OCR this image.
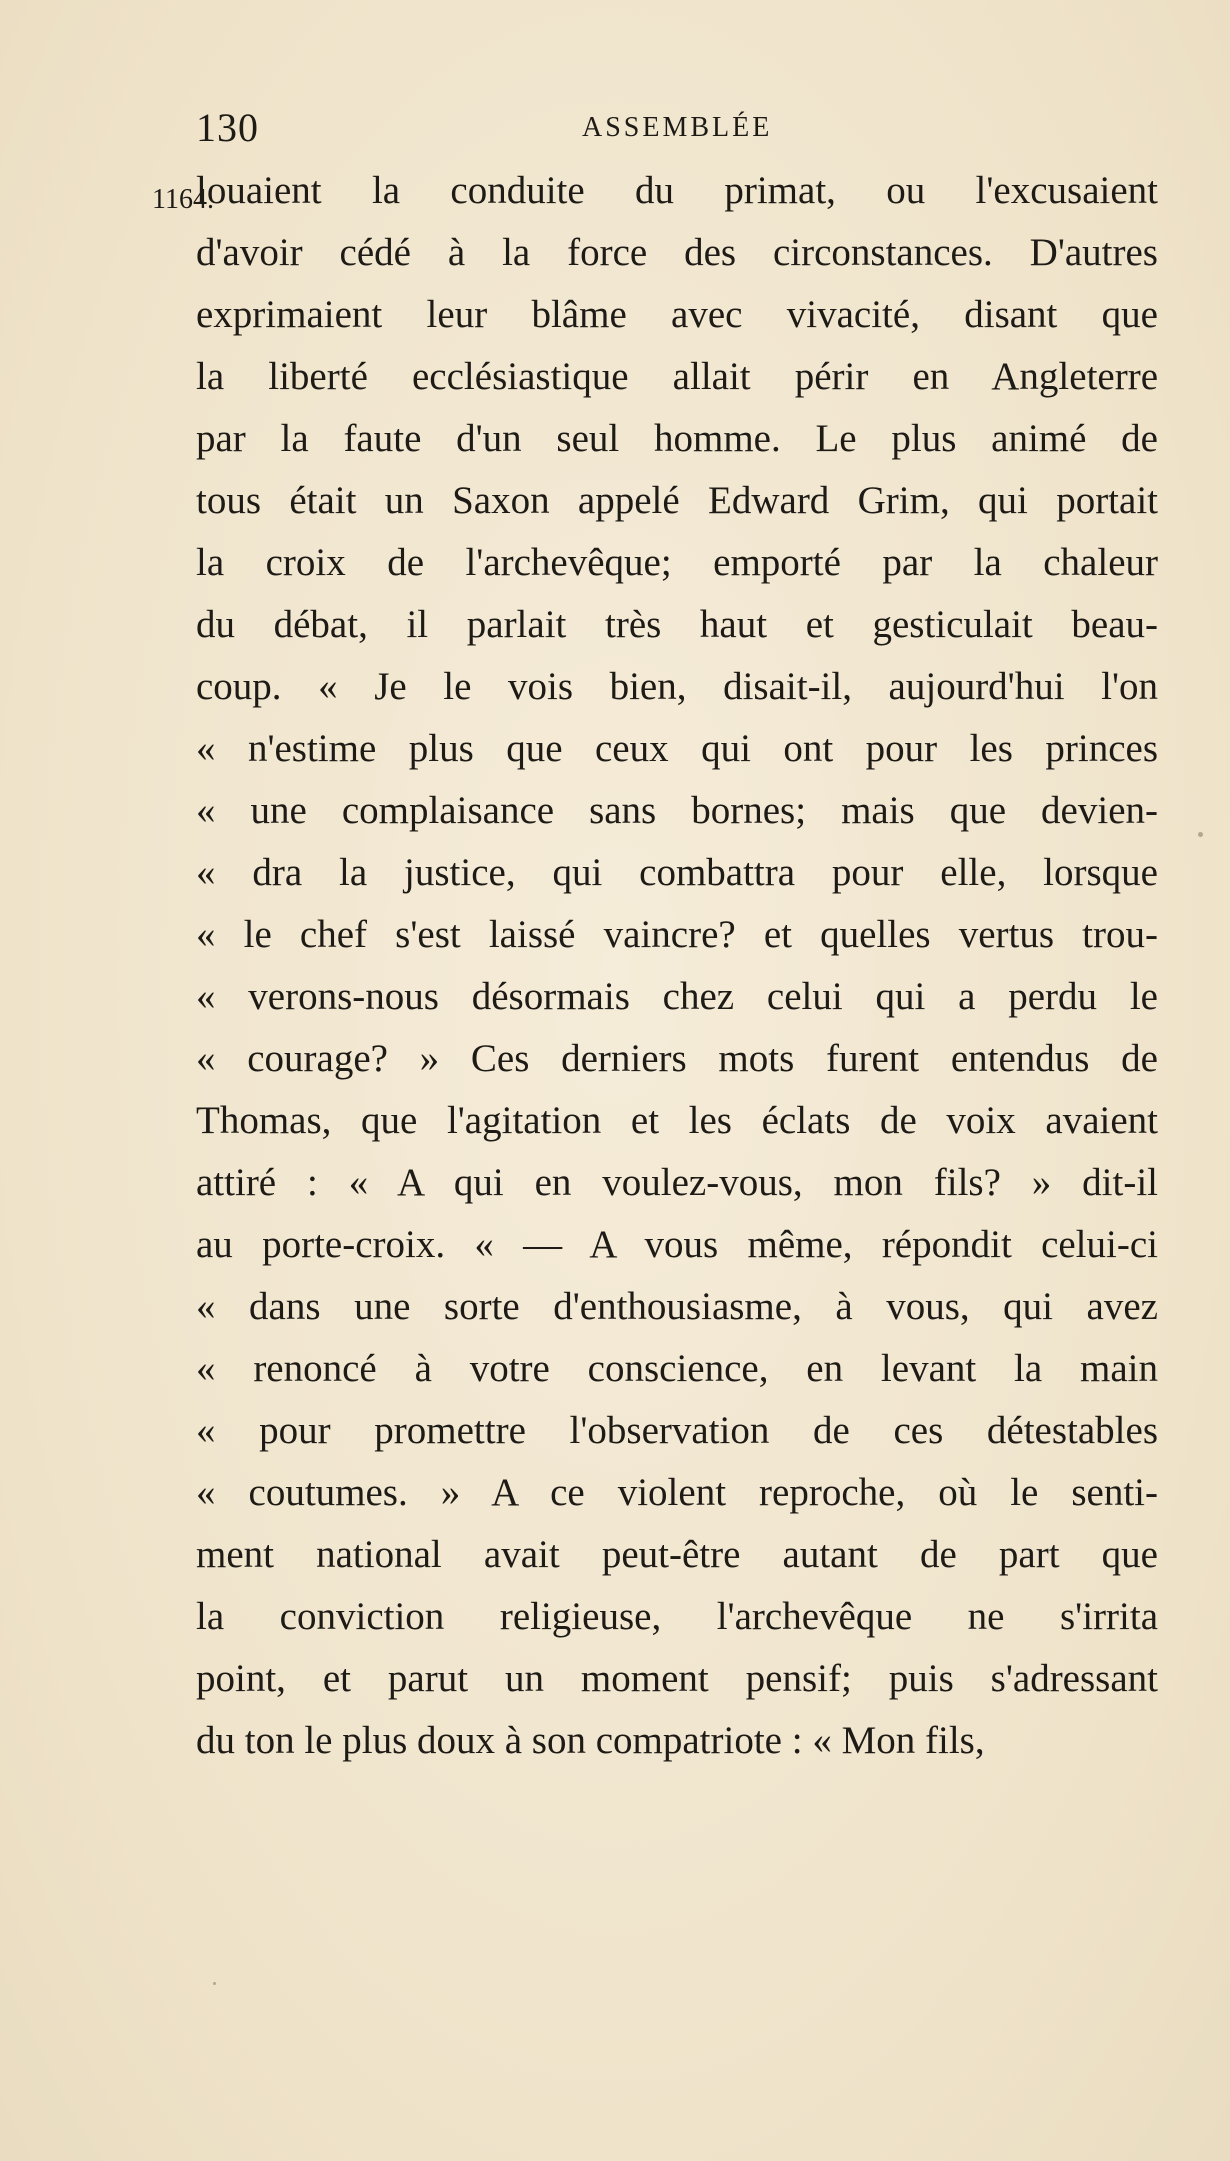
130	ASSEMBLÉE
1164.
louaient la conduite du primat, ou l'excusaient
d'avoir cédé à la force des circonstances. D'autres
exprimaient leur blâme avec vivacité, disant que
la liberté ecclésiastique allait périr en Angleterre
par la faute d'un seul homme. Le plus animé de
tous était un Saxon appelé Edward Grim, qui portait
la croix de l'archevêque; emporté par la chaleur
du débat, il parlait très haut et gesticulait beau-
coup. « Je le vois bien, disait-il, aujourd'hui l'on
« n'estime plus que ceux qui ont pour les princes
« une complaisance sans bornes; mais que devien-
« dra la justice, qui combattra pour elle, lorsque
« le chef s'est laissé vaincre? et quelles vertus trou-
« verons-nous désormais chez celui qui a perdu le
« courage? » Ces derniers mots furent entendus de
Thomas, que l'agitation et les éclats de voix avaient
attiré : « A qui en voulez-vous, mon fils? » dit-il
au porte-croix. « — A vous même, répondit celui-ci
« dans une sorte d'enthousiasme, à vous, qui avez
« renoncé à votre conscience, en levant la main
« pour promettre l'observation de ces détestables
« coutumes. » A ce violent reproche, où le senti-
ment national avait peut-être autant de part que
la conviction religieuse, l'archevêque ne s'irrita
point, et parut un moment pensif; puis s'adressant
du ton le plus doux à son compatriote : « Mon fils,
